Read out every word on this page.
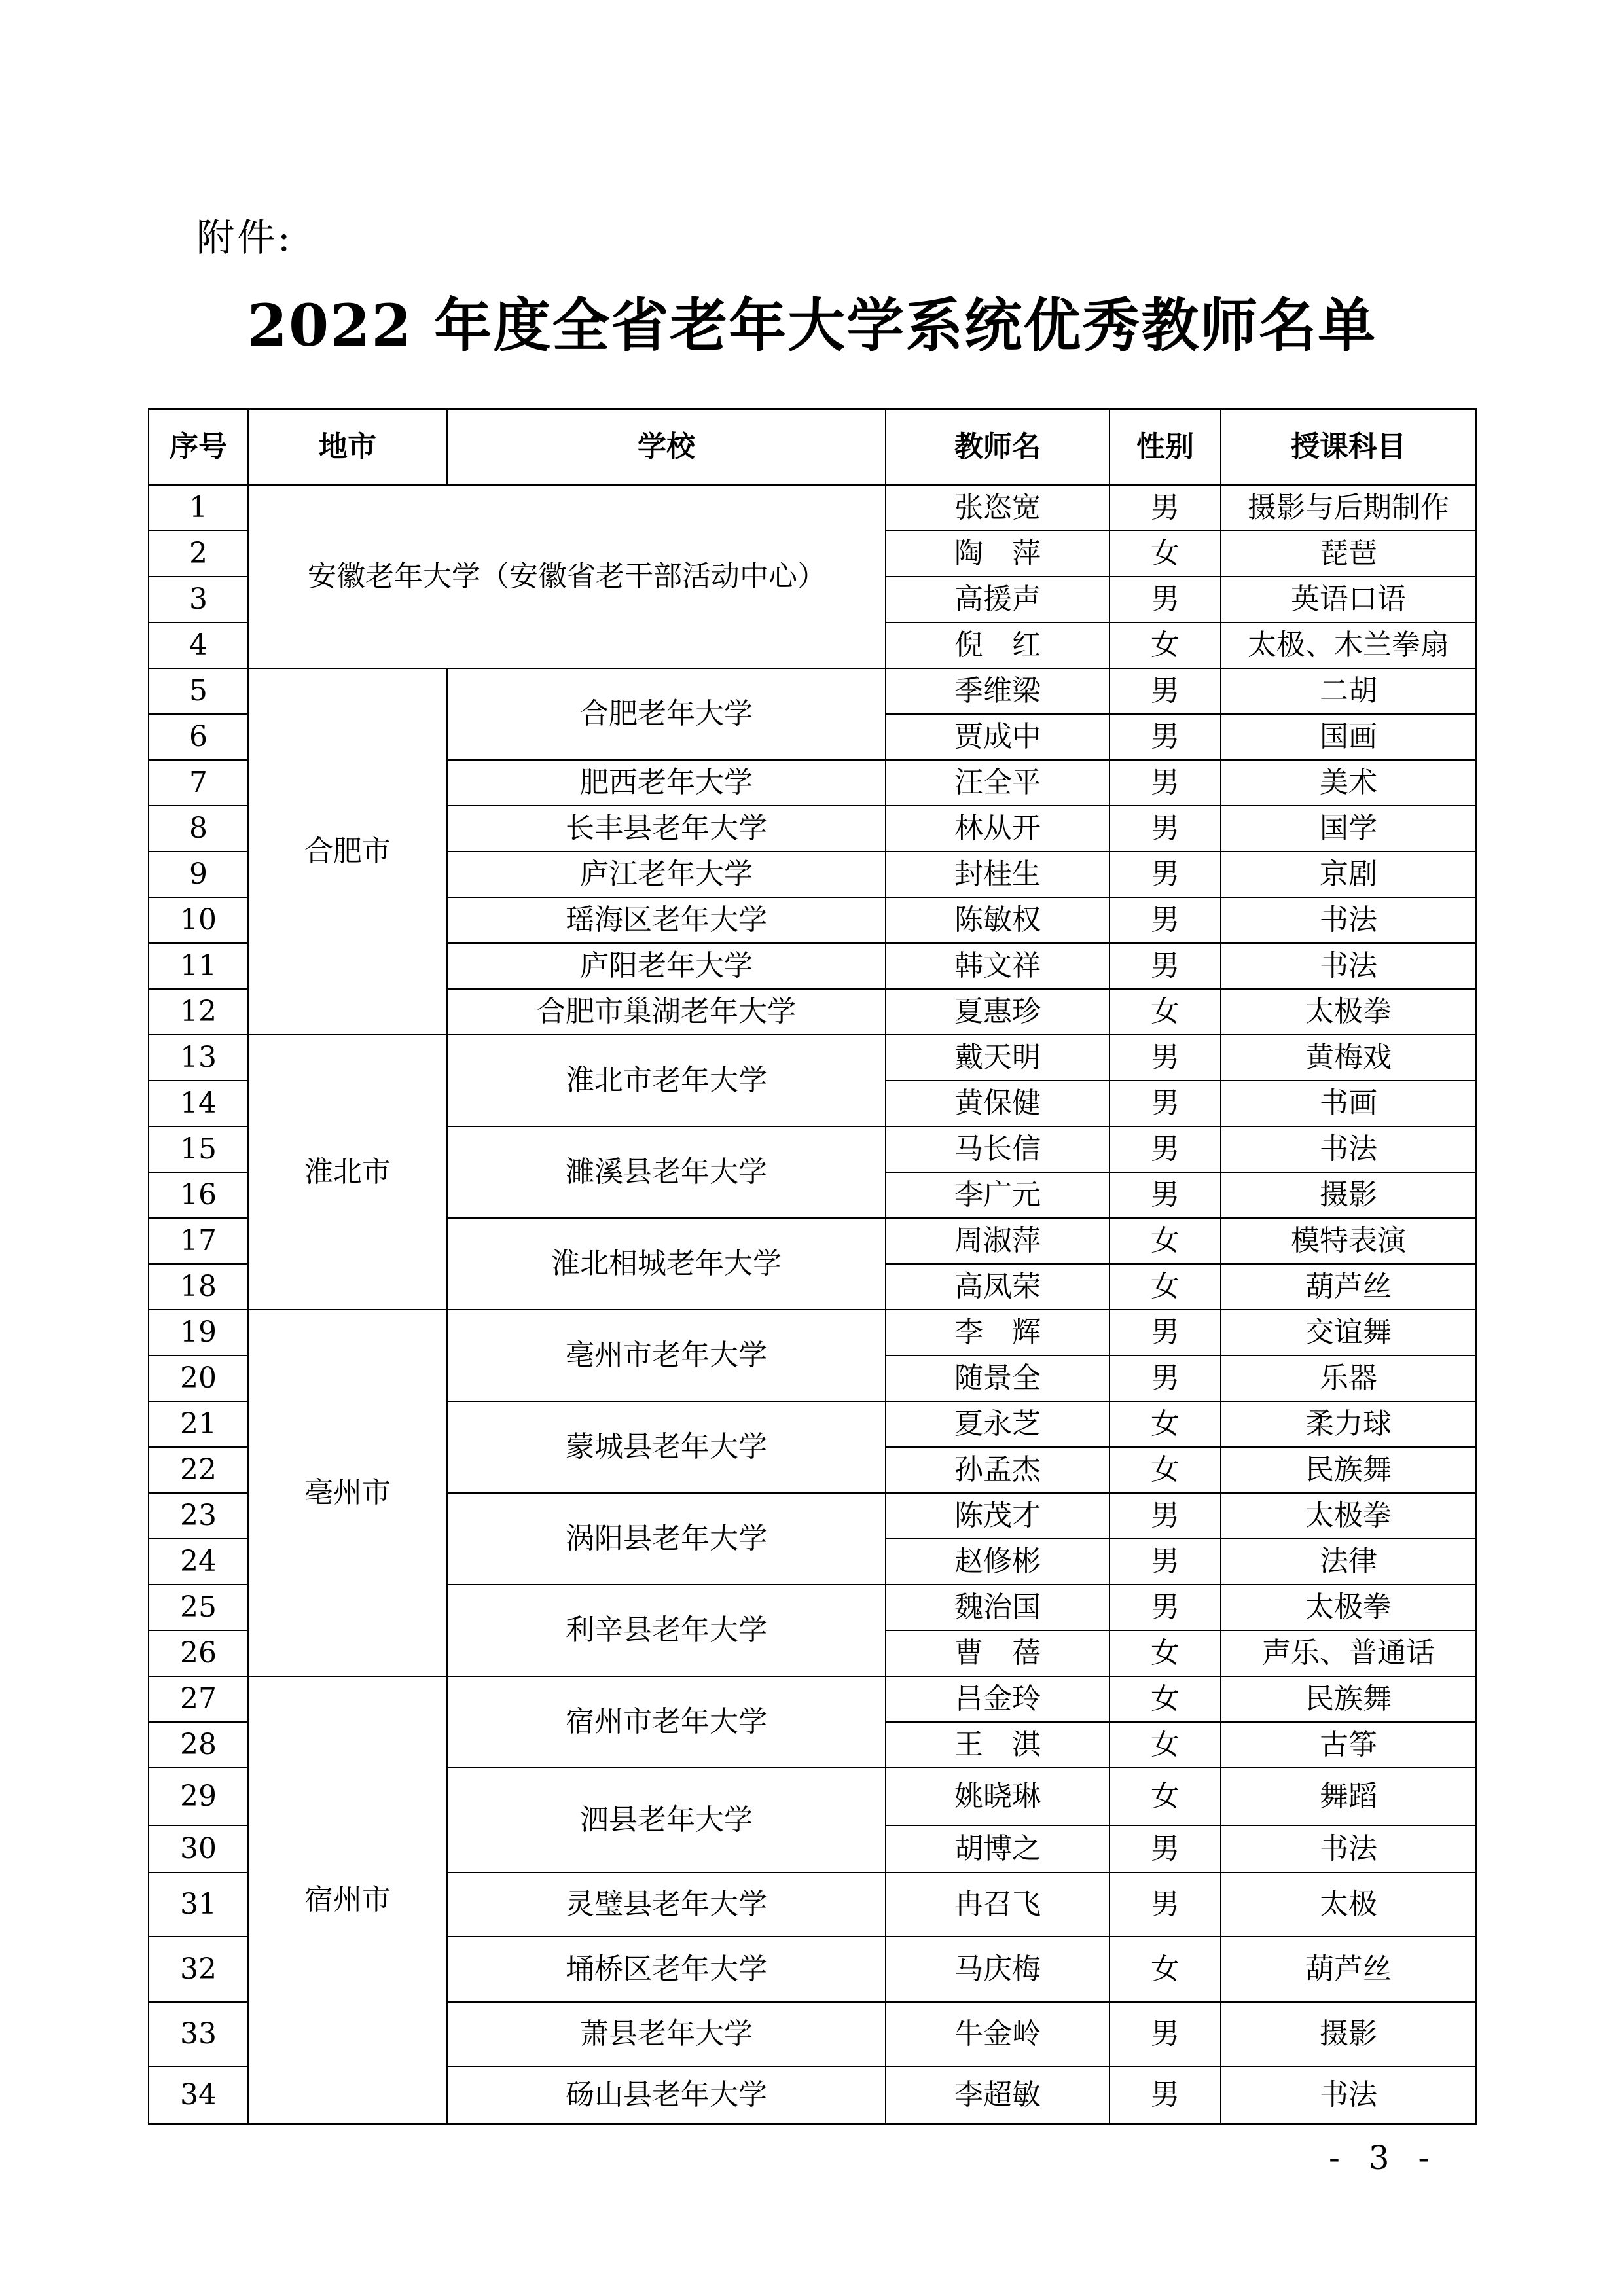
附件:
2022 年度全省老年大学系统优秀教师名单
序号	地市	学校	教师名	性别	授课科目
1	安徽老年大学（安徽省老干部活动中心）		张恣宽	男	摄影与后期制作
2			陶　萍	女	琵琶
3			高援声	男	英语口语
4			倪　红	女	太极、木兰拳扇
5	合肥市	合肥老年大学	季维梁	男	二胡
6			贾成中	男	国画
7		肥西老年大学	汪全平	男	美术
8		长丰县老年大学	林从开	男	国学
9		庐江老年大学	封桂生	男	京剧
10		瑶海区老年大学	陈敏权	男	书法
11		庐阳老年大学	韩文祥	男	书法
12		合肥市巢湖老年大学	夏惠珍	女	太极拳
13	淮北市	淮北市老年大学	戴天明	男	黄梅戏
14			黄保健	男	书画
15		濉溪县老年大学	马长信	男	书法
16			李广元	男	摄影
17		淮北相城老年大学	周淑萍	女	模特表演
18			高凤荣	女	葫芦丝
19	亳州市	亳州市老年大学	李　辉	男	交谊舞
20			随景全	男	乐器
21		蒙城县老年大学	夏永芝	女	柔力球
22			孙孟杰	女	民族舞
23		涡阳县老年大学	陈茂才	男	太极拳
24			赵修彬	男	法律
25		利辛县老年大学	魏治国	男	太极拳
26			曹　蓓	女	声乐、普通话
27	宿州市	宿州市老年大学	吕金玲	女	民族舞
28			王　淇	女	古筝
29		泗县老年大学	姚晓琳	女	舞蹈
30			胡博之	男	书法
31		灵璧县老年大学	冉召飞	男	太极
32		埇桥区老年大学	马庆梅	女	葫芦丝
33		萧县老年大学	牛金岭	男	摄影
34		砀山县老年大学	李超敏	男	书法
- 3 -
